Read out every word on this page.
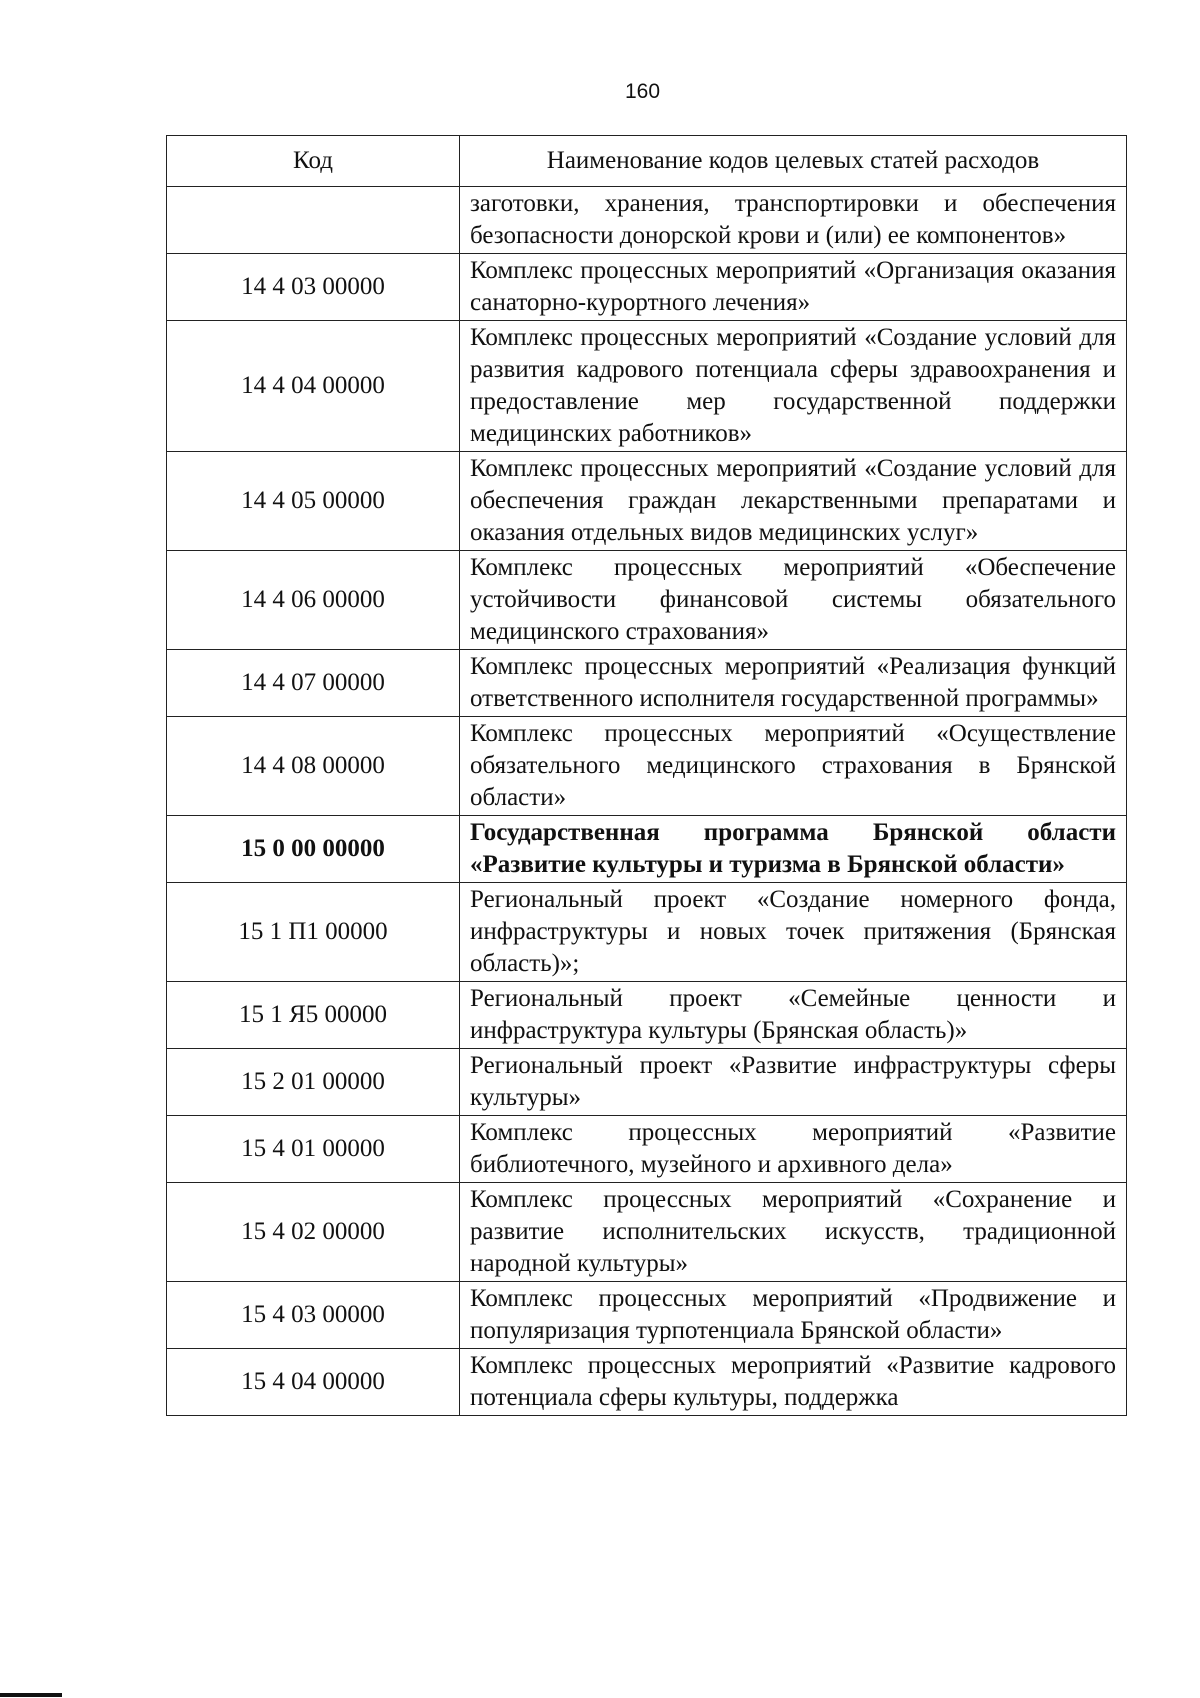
160
Код	Наименование кодов целевых статей расходов
	заготовки, хранения, транспортировки и обеспечения безопасности донорской крови и (или) ее компонентов»
14 4 03 00000	Комплекс процессных мероприятий «Организация оказания санаторно-курортного лечения»
14 4 04 00000	Комплекс процессных мероприятий «Создание условий для развития кадрового потенциала сферы здравоохранения и предоставление мер государственной поддержки медицинских работников»
14 4 05 00000	Комплекс процессных мероприятий «Создание условий для обеспечения граждан лекарственными препаратами и оказания отдельных видов медицинских услуг»
14 4 06 00000	Комплекс процессных мероприятий «Обеспечение устойчивости финансовой системы обязательного медицинского страхования»
14 4 07 00000	Комплекс процессных мероприятий «Реализация функций ответственного исполнителя государственной программы»
14 4 08 00000	Комплекс процессных мероприятий «Осуществление обязательного медицинского страхования в Брянской области»
15 0 00 00000	Государственная программа Брянской области «Развитие культуры и туризма в Брянской области»
15 1 П1 00000	Региональный проект «Создание номерного фонда, инфраструктуры и новых точек притяжения (Брянская область)»;
15 1 Я5 00000	Региональный проект «Семейные ценности и инфраструктура культуры (Брянская область)»
15 2 01 00000	Региональный проект «Развитие инфраструктуры сферы культуры»
15 4 01 00000	Комплекс процессных мероприятий «Развитие библиотечного, музейного и архивного дела»
15 4 02 00000	Комплекс процессных мероприятий «Сохранение и развитие исполнительских искусств, традиционной народной культуры»
15 4 03 00000	Комплекс процессных мероприятий «Продвижение и популяризация турпотенциала Брянской области»
15 4 04 00000	Комплекс процессных мероприятий «Развитие кадрового потенциала сферы культуры, поддержка
